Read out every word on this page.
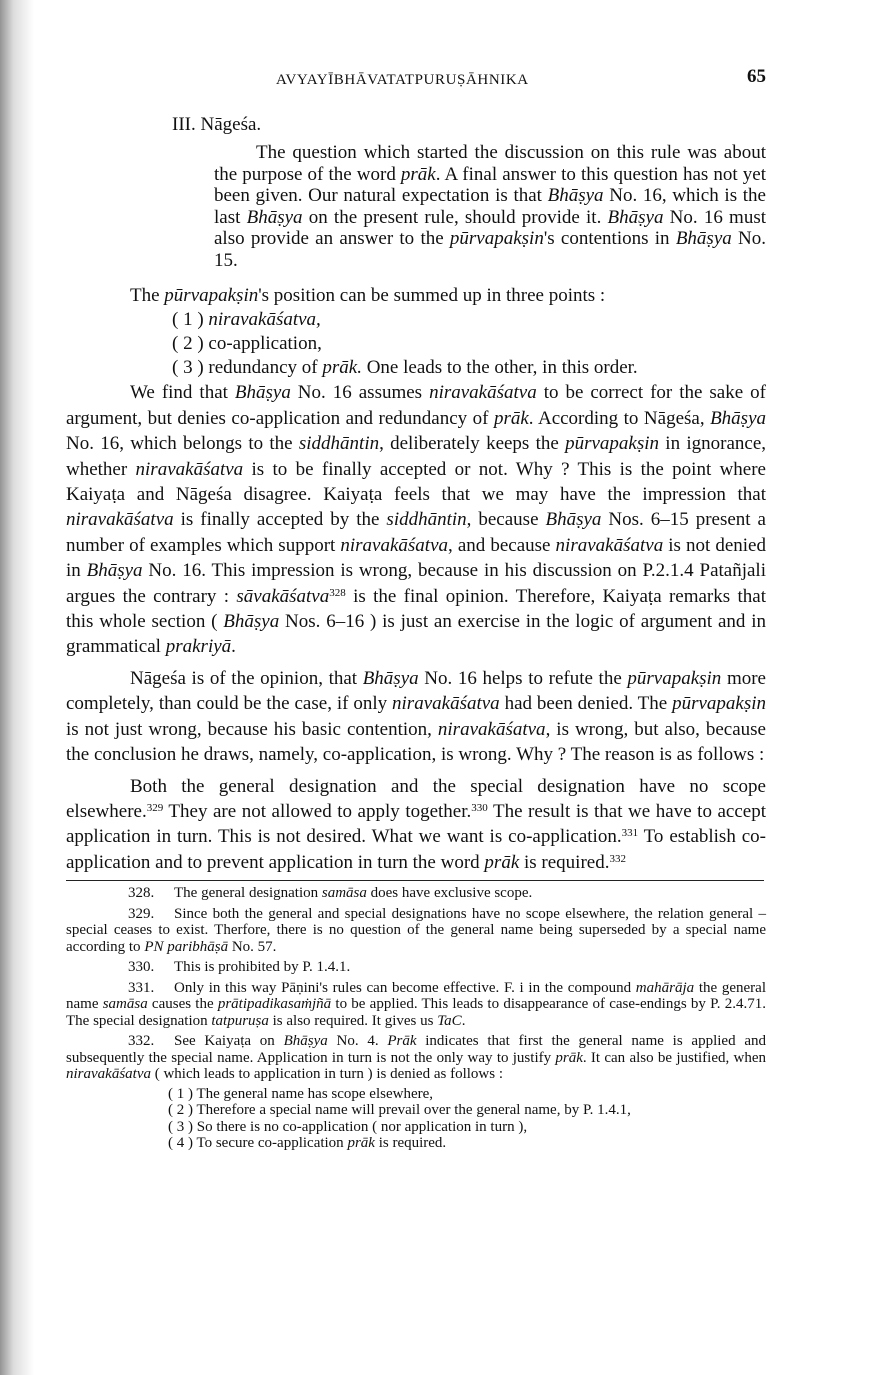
AVYAYĪBHĀVATATPURUṢĀHNIKA	65
III. Nāgeśa.

The question which started the discussion on this rule was about the purpose of the word prāk. A final answer to this question has not yet been given. Our natural expectation is that Bhāṣya No. 16, which is the last Bhāṣya on the present rule, should provide it. Bhāṣya No. 16 must also provide an answer to the pūrvapakṣin's contentions in Bhāṣya No. 15.

The pūrvapakṣin's position can be summed up in three points :

( 1 ) niravakāśatva,
( 2 ) co-application,
( 3 ) redundancy of prāk. One leads to the other, in this order.

We find that Bhāṣya No. 16 assumes niravakāśatva to be correct for the sake of argument, but denies co-application and redundancy of prāk. According to Nāgeśa, Bhāṣya No. 16, which belongs to the siddhāntin, deliberately keeps the pūrvapakṣin in ignorance, whether niravakāśatva is to be finally accepted or not. Why ? This is the point where Kaiyaṭa and Nāgeśa disagree. Kaiyaṭa feels that we may have the impression that niravakāśatva is finally accepted by the siddhāntin, because Bhāṣya Nos. 6–15 present a number of examples which support niravakāśatva, and because niravakāśatva is not denied in Bhāṣya No. 16. This impression is wrong, because in his discussion on P.2.1.4 Patañjali argues the contrary : sāvakāśatva$^{328}$ is the final opinion. Therefore, Kaiyaṭa remarks that this whole section ( Bhāṣya Nos. 6–16 ) is just an exercise in the logic of argument and in grammatical prakriyā.

Nāgeśa is of the opinion, that Bhāṣya No. 16 helps to refute the pūrvapakṣin more completely, than could be the case, if only niravakāśatva had been denied. The pūrvapakṣin is not just wrong, because his basic contention, niravakāśatva, is wrong, but also, because the conclusion he draws, namely, co-application, is wrong. Why ? The reason is as follows :

Both the general designation and the special designation have no scope elsewhere.$^{329}$ They are not allowed to apply together.$^{330}$ The result is that we have to accept application in turn. This is not desired. What we want is co-application.$^{331}$ To establish co-application and to prevent application in turn the word prāk is required.$^{332}$

328. The general designation samāsa does have exclusive scope.
329. Since both the general and special designations have no scope elsewhere, the relation general – special ceases to exist. Therfore, there is no question of the general name being superseded by a special name according to PN paribhāṣā No. 57.
330. This is prohibited by P. 1.4.1.
331. Only in this way Pāṇini's rules can become effective. F. i in the compound mahārāja the general name samāsa causes the prātipadikasaṁjñā to be applied. This leads to disappearance of case-endings by P. 2.4.71. The special designation tatpuruṣa is also required. It gives us TaC.
332. See Kaiyaṭa on Bhāṣya No. 4. Prāk indicates that first the general name is applied and subsequently the special name. Application in turn is not the only way to justify prāk. It can also be justified, when niravakāśatva ( which leads to application in turn ) is denied as follows :
( 1 ) The general name has scope elsewhere,
( 2 ) Therefore a special name will prevail over the general name, by P. 1.4.1,
( 3 ) So there is no co-application ( nor application in turn ),
( 4 ) To secure co-application prāk is required.
